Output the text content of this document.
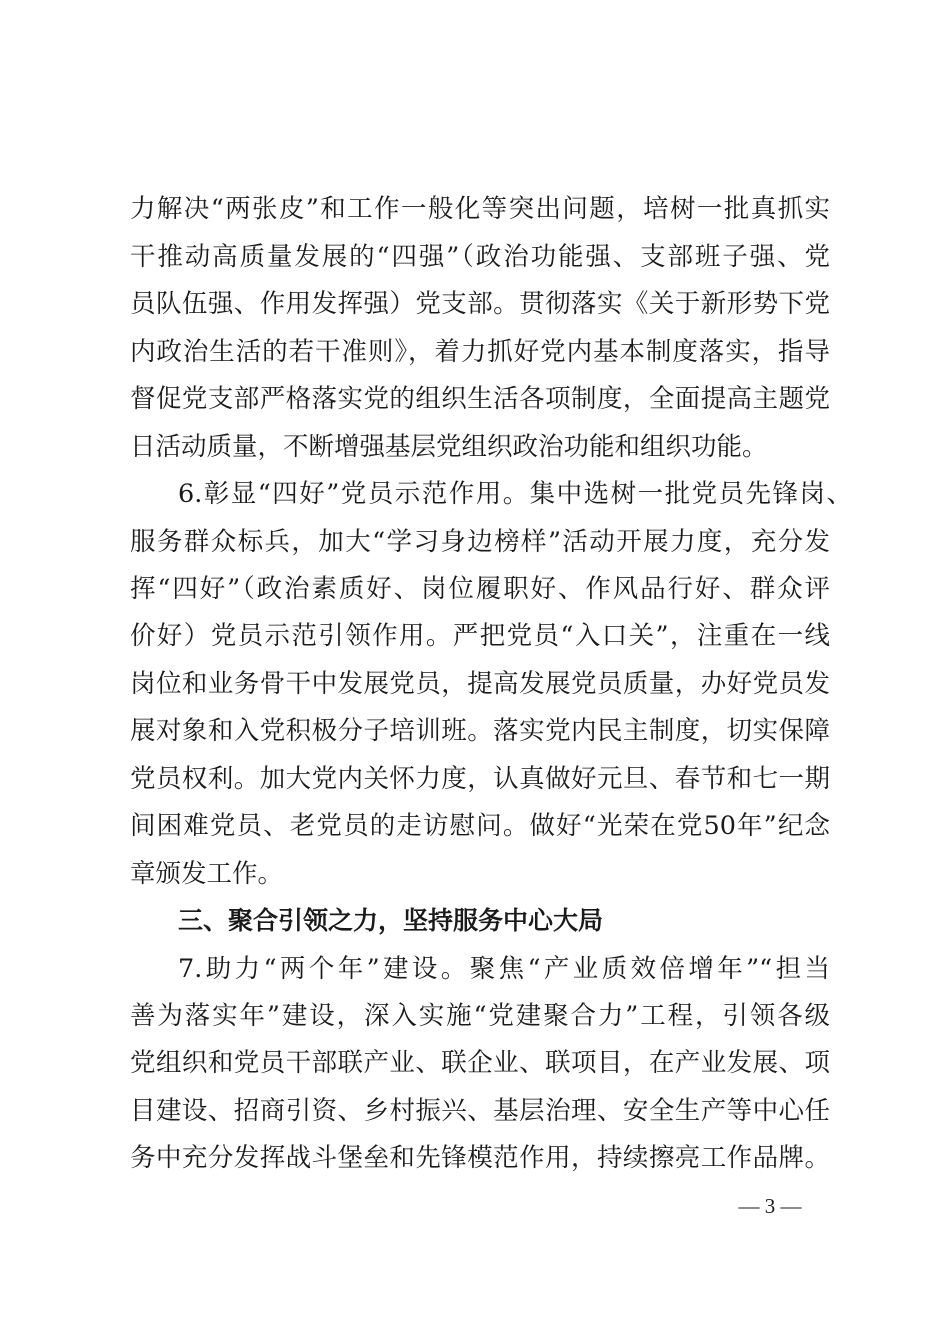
力解决“两张皮”和工作一般化等突出问题，培树一批真抓实
干推动高质量发展的“四强”（政治功能强、支部班子强、党
员队伍强、作用发挥强）党支部。贯彻落实《关于新形势下党
内政治生活的若干准则》，着力抓好党内基本制度落实，指导
督促党支部严格落实党的组织生活各项制度，全面提高主题党
日活动质量，不断增强基层党组织政治功能和组织功能。
6.彰显“四好”党员示范作用。集中选树一批党员先锋岗、
服务群众标兵，加大“学习身边榜样”活动开展力度，充分发
挥“四好”（政治素质好、岗位履职好、作风品行好、群众评
价好）党员示范引领作用。严把党员“入口关”，注重在一线
岗位和业务骨干中发展党员，提高发展党员质量，办好党员发
展对象和入党积极分子培训班。落实党内民主制度，切实保障
党员权利。加大党内关怀力度，认真做好元旦、春节和七一期
间困难党员、老党员的走访慰问。做好“光荣在党50年”纪念
章颁发工作。
三、聚合引领之力，坚持服务中心大局
7.助力“两个年”建设。聚焦“产业质效倍增年”“担当
善为落实年”建设，深入实施“党建聚合力”工程，引领各级
党组织和党员干部联产业、联企业、联项目，在产业发展、项
目建设、招商引资、乡村振兴、基层治理、安全生产等中心任
务中充分发挥战斗堡垒和先锋模范作用，持续擦亮工作品牌。
— 3 —
